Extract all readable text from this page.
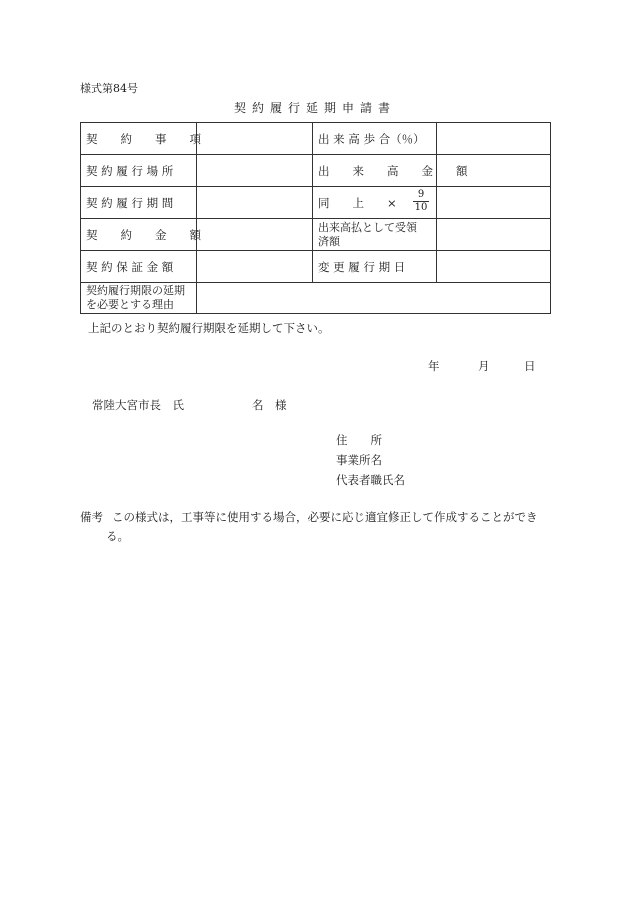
様式第84号
契約履行延期申請書
契　　約　　事　　項		出 来 高 歩 合（％）	
契 約 履 行 場 所		出　　来　　高　　金　　額	
契 約 履 行 期 間		同　　上　　× $\frac{9}{10}$

契　　約　　金　　額		出来高払として受領
済額	

契 約 保 証 金 額		変 更 履 行 期 日	

契約履行期限の延期
を必要とする理由			

上記のとおり契約履行期限を延期して下さい。
年	月	日
常陸大宮市長　氏	名　様
住　　所
事業所名
代表者職氏名
備考 この様式は，工事等に使用する場合，必要に応じ適宜修正して作成することができ
る。
